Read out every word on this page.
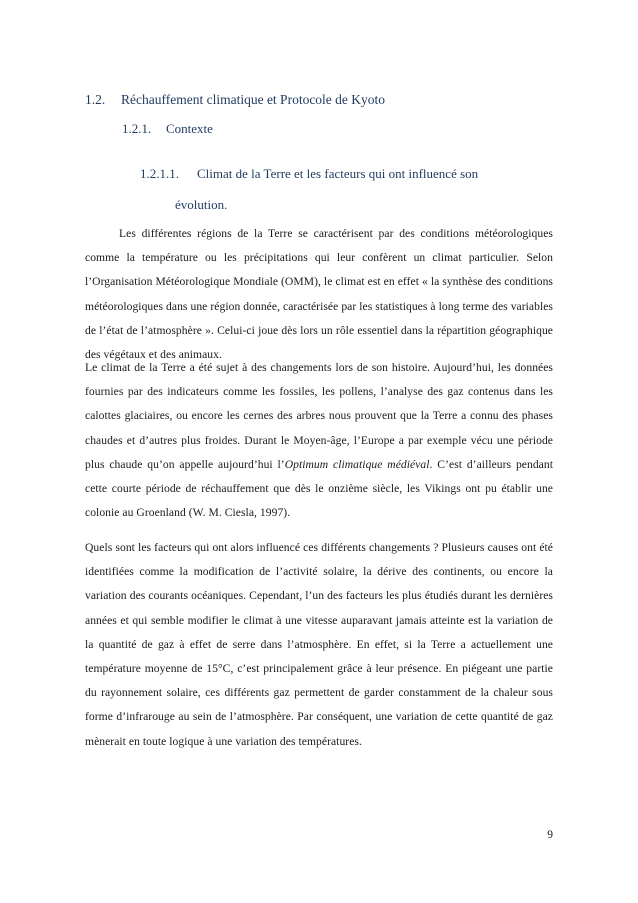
1.2. Réchauffement climatique et Protocole de Kyoto
1.2.1. Contexte
1.2.1.1. Climat de la Terre et les facteurs qui ont influencé son
évolution.

Les différentes régions de la Terre se caractérisent par des conditions météorologiques comme la température ou les précipitations qui leur confèrent un climat particulier. Selon l’Organisation Météorologique Mondiale (OMM), le climat est en effet « la synthèse des conditions météorologiques dans une région donnée, caractérisée par les statistiques à long terme des variables de l’état de l’atmosphère ». Celui-ci joue dès lors un rôle essentiel dans la répartition géographique des végétaux et des animaux.

Le climat de la Terre a été sujet à des changements lors de son histoire. Aujourd’hui, les données fournies par des indicateurs comme les fossiles, les pollens, l’analyse des gaz contenus dans les calottes glaciaires, ou encore les cernes des arbres nous prouvent que la Terre a connu des phases chaudes et d’autres plus froides. Durant le Moyen-âge, l’Europe a par exemple vécu une période plus chaude qu’on appelle aujourd’hui l’Optimum climatique médiéval. C’est d’ailleurs pendant cette courte période de réchauffement que dès le onzième siècle, les Vikings ont pu établir une colonie au Groenland (W. M. Ciesla, 1997).

Quels sont les facteurs qui ont alors influencé ces différents changements ? Plusieurs causes ont été identifiées comme la modification de l’activité solaire, la dérive des continents, ou encore la variation des courants océaniques. Cependant, l’un des facteurs les plus étudiés durant les dernières années et qui semble modifier le climat à une vitesse auparavant jamais atteinte est la variation de la quantité de gaz à effet de serre dans l’atmosphère. En effet, si la Terre a actuellement une température moyenne de 15°C, c’est principalement grâce à leur présence. En piégeant une partie du rayonnement solaire, ces différents gaz permettent de garder constamment de la chaleur sous forme d’infrarouge au sein de l’atmosphère. Par conséquent, une variation de cette quantité de gaz mènerait en toute logique à une variation des températures.

9
